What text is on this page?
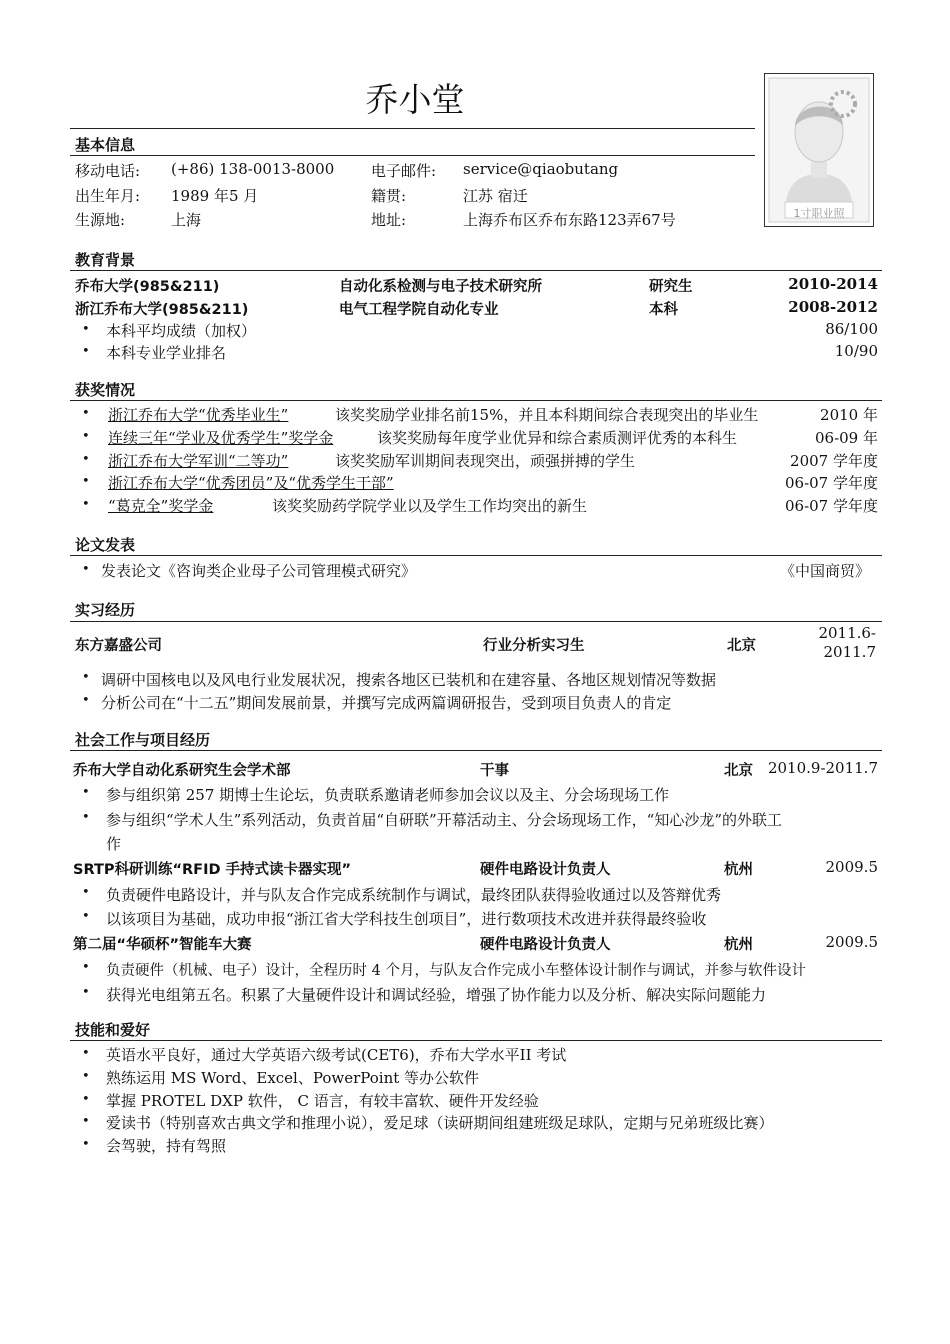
乔小堂
1寸职业照
基本信息
移动电话: (+86) 138-0013-8000 电子邮件: service@qiaobutang
出生年月: 1989 年5 月	籍贯:	江苏 宿迁
生源地:	上海	地址:	上海乔布区乔布东路123弄67号
教育背景
乔布大学(985&211)	自动化系检测与电子技术研究所	研究生	2010-2014
浙江乔布大学(985&211)	电气工程学院自动化专业	本科	2008-2012
• 本科平均成绩（加权）	86/100
• 本科专业学业排名	10/90
获奖情况
• 浙江乔布大学“优秀毕业生”	该奖奖励学业排名前15%，并且本科期间综合表现突出的毕业生	2010 年
• 连续三年“学业及优秀学生”奖学金	该奖奖励每年度学业优异和综合素质测评优秀的本科生	06-09 年
• 浙江乔布大学军训“二等功”	该奖奖励军训期间表现突出，顽强拼搏的学生	2007 学年度
• 浙江乔布大学“优秀团员”及“优秀学生干部”	06-07 学年度
• “葛克全”奖学金	该奖奖励药学院学业以及学生工作均突出的新生	06-07 学年度
论文发表
• 发表论文《咨询类企业母子公司管理模式研究》	《中国商贸》
实习经历
东方嘉盛公司	行业分析实习生	北京
2011.6-
2011.7
• 调研中国核电以及风电行业发展状况，搜索各地区已装机和在建容量、各地区规划情况等数据
• 分析公司在“十二五”期间发展前景，并撰写完成两篇调研报告，受到项目负责人的肯定
社会工作与项目经历
乔布大学自动化系研究生会学术部	干事	北京 2010.9-2011.7
• 参与组织第 257 期博士生论坛，负责联系邀请老师参加会议以及主、分会场现场工作
• 参与组织“学术人生”系列活动，负责首届“自研联”开幕活动主、分会场现场工作，“知心沙龙”的外联工
作
SRTP科研训练“RFID 手持式读卡器实现”	硬件电路设计负责人	杭州	2009.5
• 负责硬件电路设计，并与队友合作完成系统制作与调试，最终团队获得验收通过以及答辩优秀
• 以该项目为基础，成功申报“浙江省大学科技生创项目”，进行数项技术改进并获得最终验收
第二届“华硕杯”智能车大赛	硬件电路设计负责人	杭州	2009.5
• 负责硬件（机械、电子）设计，全程历时 4 个月，与队友合作完成小车整体设计制作与调试，并参与软件设计
• 获得光电组第五名。积累了大量硬件设计和调试经验，增强了协作能力以及分析、解决实际问题能力
技能和爱好
• 英语水平良好，通过大学英语六级考试(CET6)，乔布大学水平II 考试
• 熟练运用 MS Word、Excel、PowerPoint 等办公软件
• 掌握 PROTEL DXP 软件， C 语言，有较丰富软、硬件开发经验
• 爱读书（特别喜欢古典文学和推理小说），爱足球（读研期间组建班级足球队，定期与兄弟班级比赛）
• 会驾驶，持有驾照
